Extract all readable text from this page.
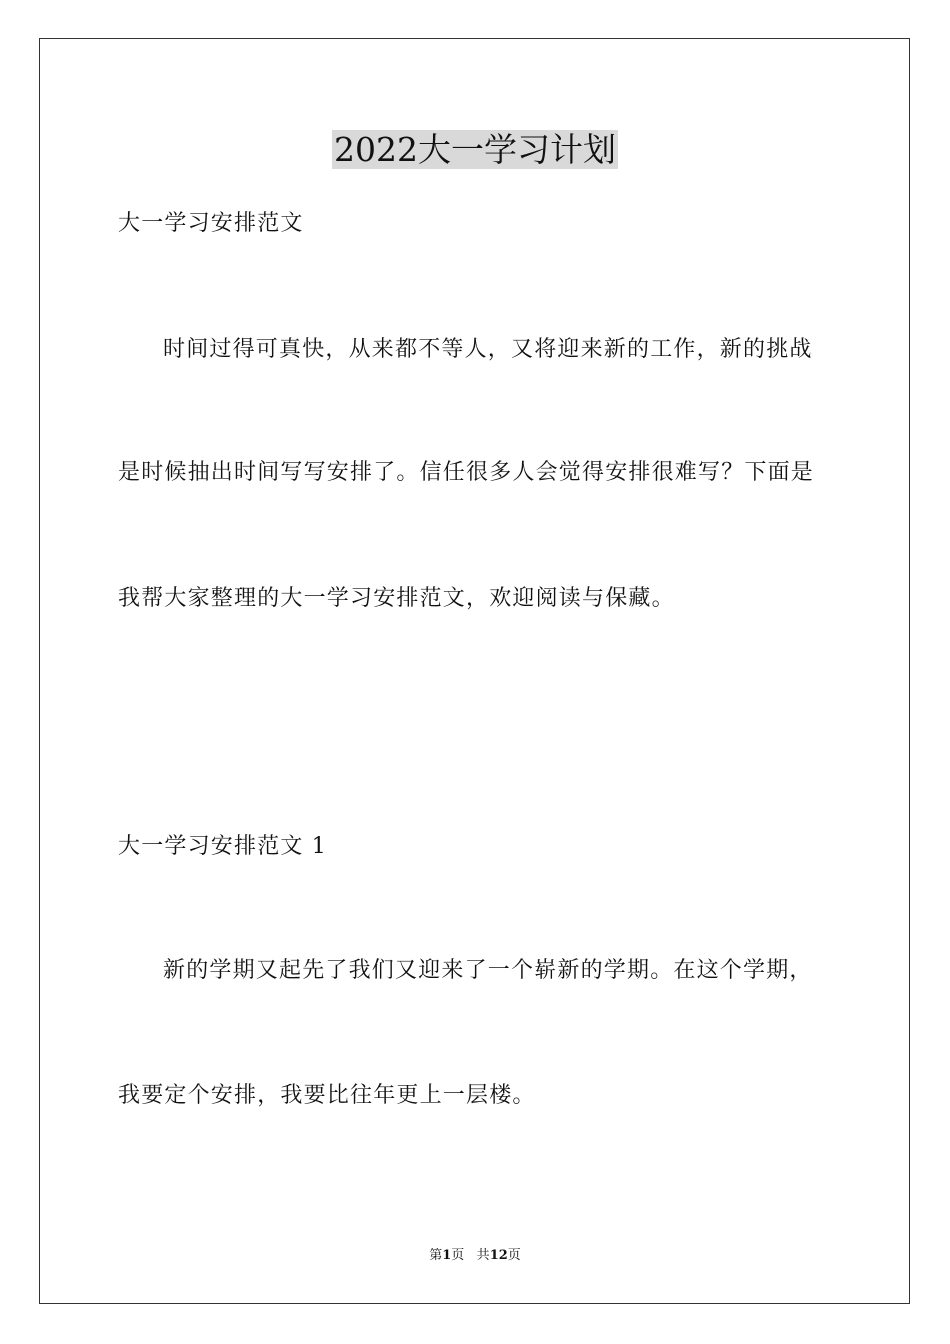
2022大一学习计划

大一学习安排范文

时间过得可真快，从来都不等人，又将迎来新的工作，新的挑战

是时候抽出时间写写安排了。信任很多人会觉得安排很难写？下面是

我帮大家整理的大一学习安排范文，欢迎阅读与保藏。

大一学习安排范文 1

新的学期又起先了我们又迎来了一个崭新的学期。在这个学期，

我要定个安排，我要比往年更上一层楼。

第1页 共12页
